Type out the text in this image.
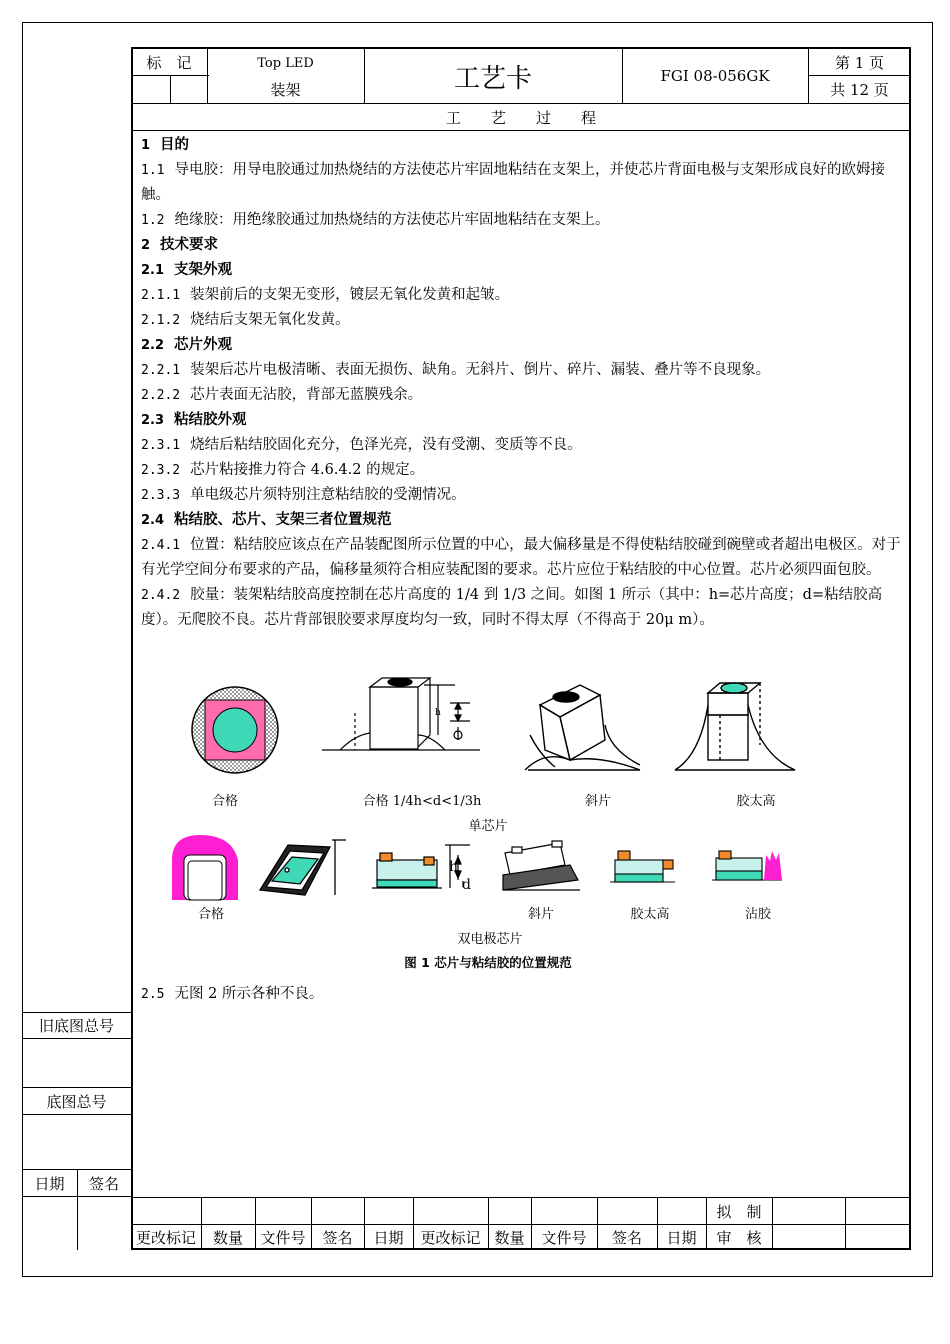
标　记	Top LED
装架	工艺卡	FGI 08-056GK
第 1 页
共 12 页
工　　艺　　过　　程

1 目的

1.1 导电胶：用导电胶通过加热烧结的方法使芯片牢固地粘结在支架上，并使芯片背面电极与支架形成良好的欧姆接触。

1.2 绝缘胶：用绝缘胶通过加热烧结的方法使芯片牢固地粘结在支架上。

2 技术要求

2.1 支架外观

2.1.1 装架前后的支架无变形，镀层无氧化发黄和起皱。

2.1.2 烧结后支架无氧化发黄。

2.2 芯片外观

2.2.1 装架后芯片电极清晰、表面无损伤、缺角。无斜片、倒片、碎片、漏装、叠片等不良现象。

2.2.2 芯片表面无沾胶，背部无蓝膜残余。

2.3 粘结胶外观

2.3.1 烧结后粘结胶固化充分，色泽光亮，没有受潮、变质等不良。

2.3.2 芯片粘接推力符合 4.6.4.2 的规定。

2.3.3 单电级芯片须特别注意粘结胶的受潮情况。

2.4 粘结胶、芯片、支架三者位置规范

2.4.1 位置：粘结胶应该点在产品装配图所示位置的中心，最大偏移量是不得使粘结胶碰到碗壁或者超出电极区。对于有光学空间分布要求的产品，偏移量须符合相应装配图的要求。芯片应位于粘结胶的中心位置。芯片必须四面包胶。

2.4.2 胶量：装架粘结胶高度控制在芯片高度的 1/4 到 1/3 之间。如图 1 所示（其中：h=芯片高度；d=粘结胶高度）。无爬胶不良。芯片背部银胶要求厚度均匀一致，同时不得太厚（不得高于 20μ m）。

h
h
d
合格	合格 1/4h<d<1/3h	斜片	胶太高
单芯片
合格	斜片	胶太高	沾胶
双电极芯片
图 1 芯片与粘结胶的位置规范
2.5 无图 2 所示各种不良。
旧底图总号
底图总号
日期	签名
拟　制
审　核
更改标记	数量	文件号	签名	日期	更改标记 数量	文件号	签名	日期
